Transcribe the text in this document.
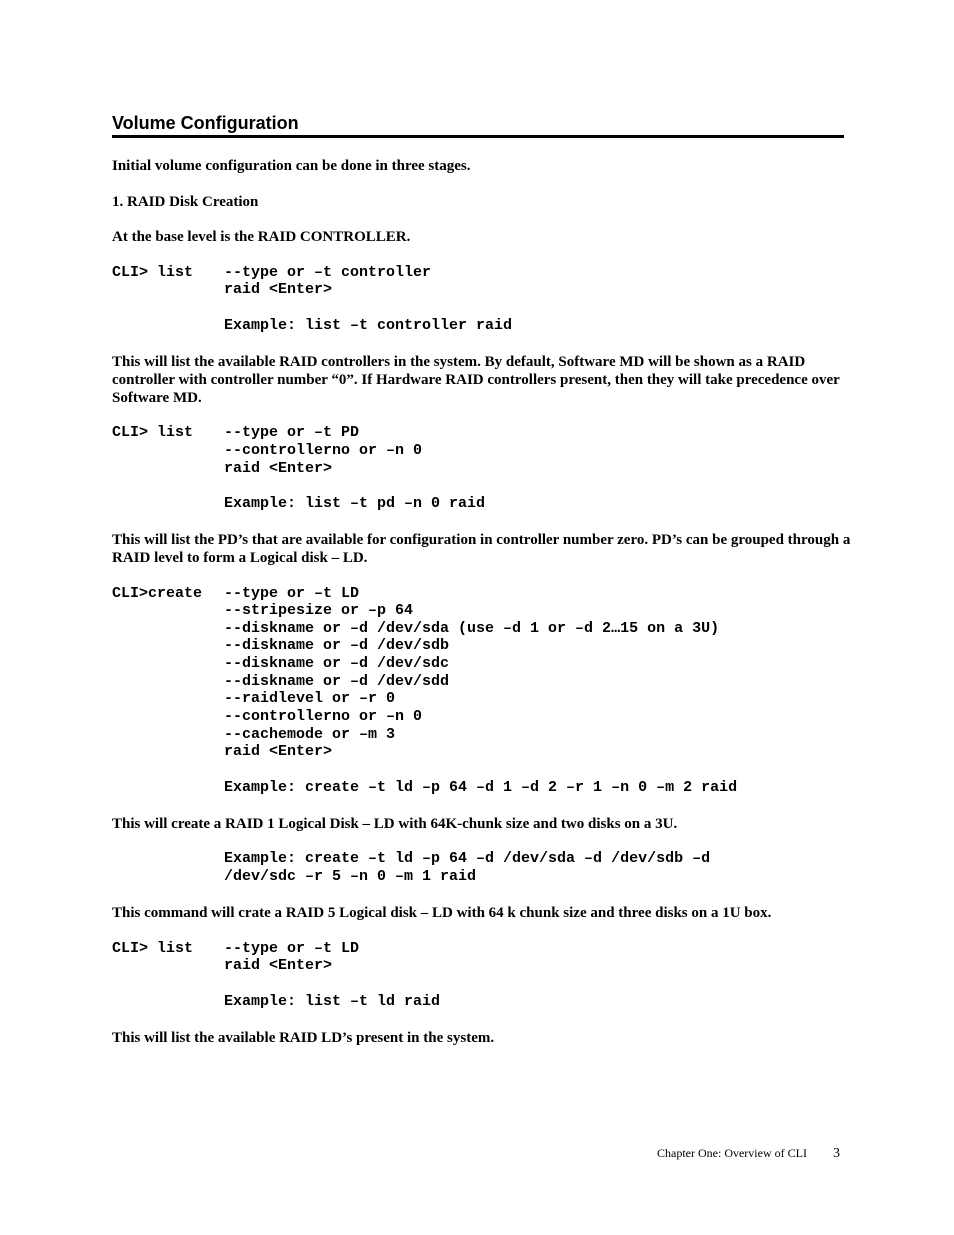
Volume Configuration

Initial volume configuration can be done in three stages.

1. RAID Disk Creation

At the base level is the RAID CONTROLLER.

CLI> list --type or –t controller
raid <Enter>
Example: list –t controller raid

This will list the available RAID controllers in the system. By default, Software MD will be shown as a RAID controller with controller number “0”. If Hardware RAID controllers present, then they will take precedence over Software MD.

CLI> list --type or –t PD
--controllerno or –n 0
raid <Enter>
Example: list –t pd –n 0 raid

This will list the PD’s that are available for configuration in controller number zero. PD’s can be grouped through a RAID level to form a Logical disk – LD.

CLI>create --type or –t LD
--stripesize or –p 64
--diskname or –d /dev/sda (use –d 1 or –d 2…15 on a 3U)
--diskname or –d /dev/sdb
--diskname or –d /dev/sdc
--diskname or –d /dev/sdd
--raidlevel or –r 0
--controllerno or –n 0
--cachemode or –m 3
raid <Enter>
Example: create –t ld –p 64 –d 1 –d 2 –r 1 –n 0 –m 2 raid

This will create a RAID 1 Logical Disk – LD with 64K-chunk size and two disks on a 3U.

Example: create –t ld –p 64 –d /dev/sda –d /dev/sdb –d
/dev/sdc –r 5 –n 0 –m 1 raid

This command will crate a RAID 5 Logical disk – LD with 64 k chunk size and three disks on a 1U box.

CLI> list --type or –t LD
raid <Enter>
Example: list –t ld raid

This will list the available RAID LD’s present in the system.

Chapter One: Overview of CLI 3
